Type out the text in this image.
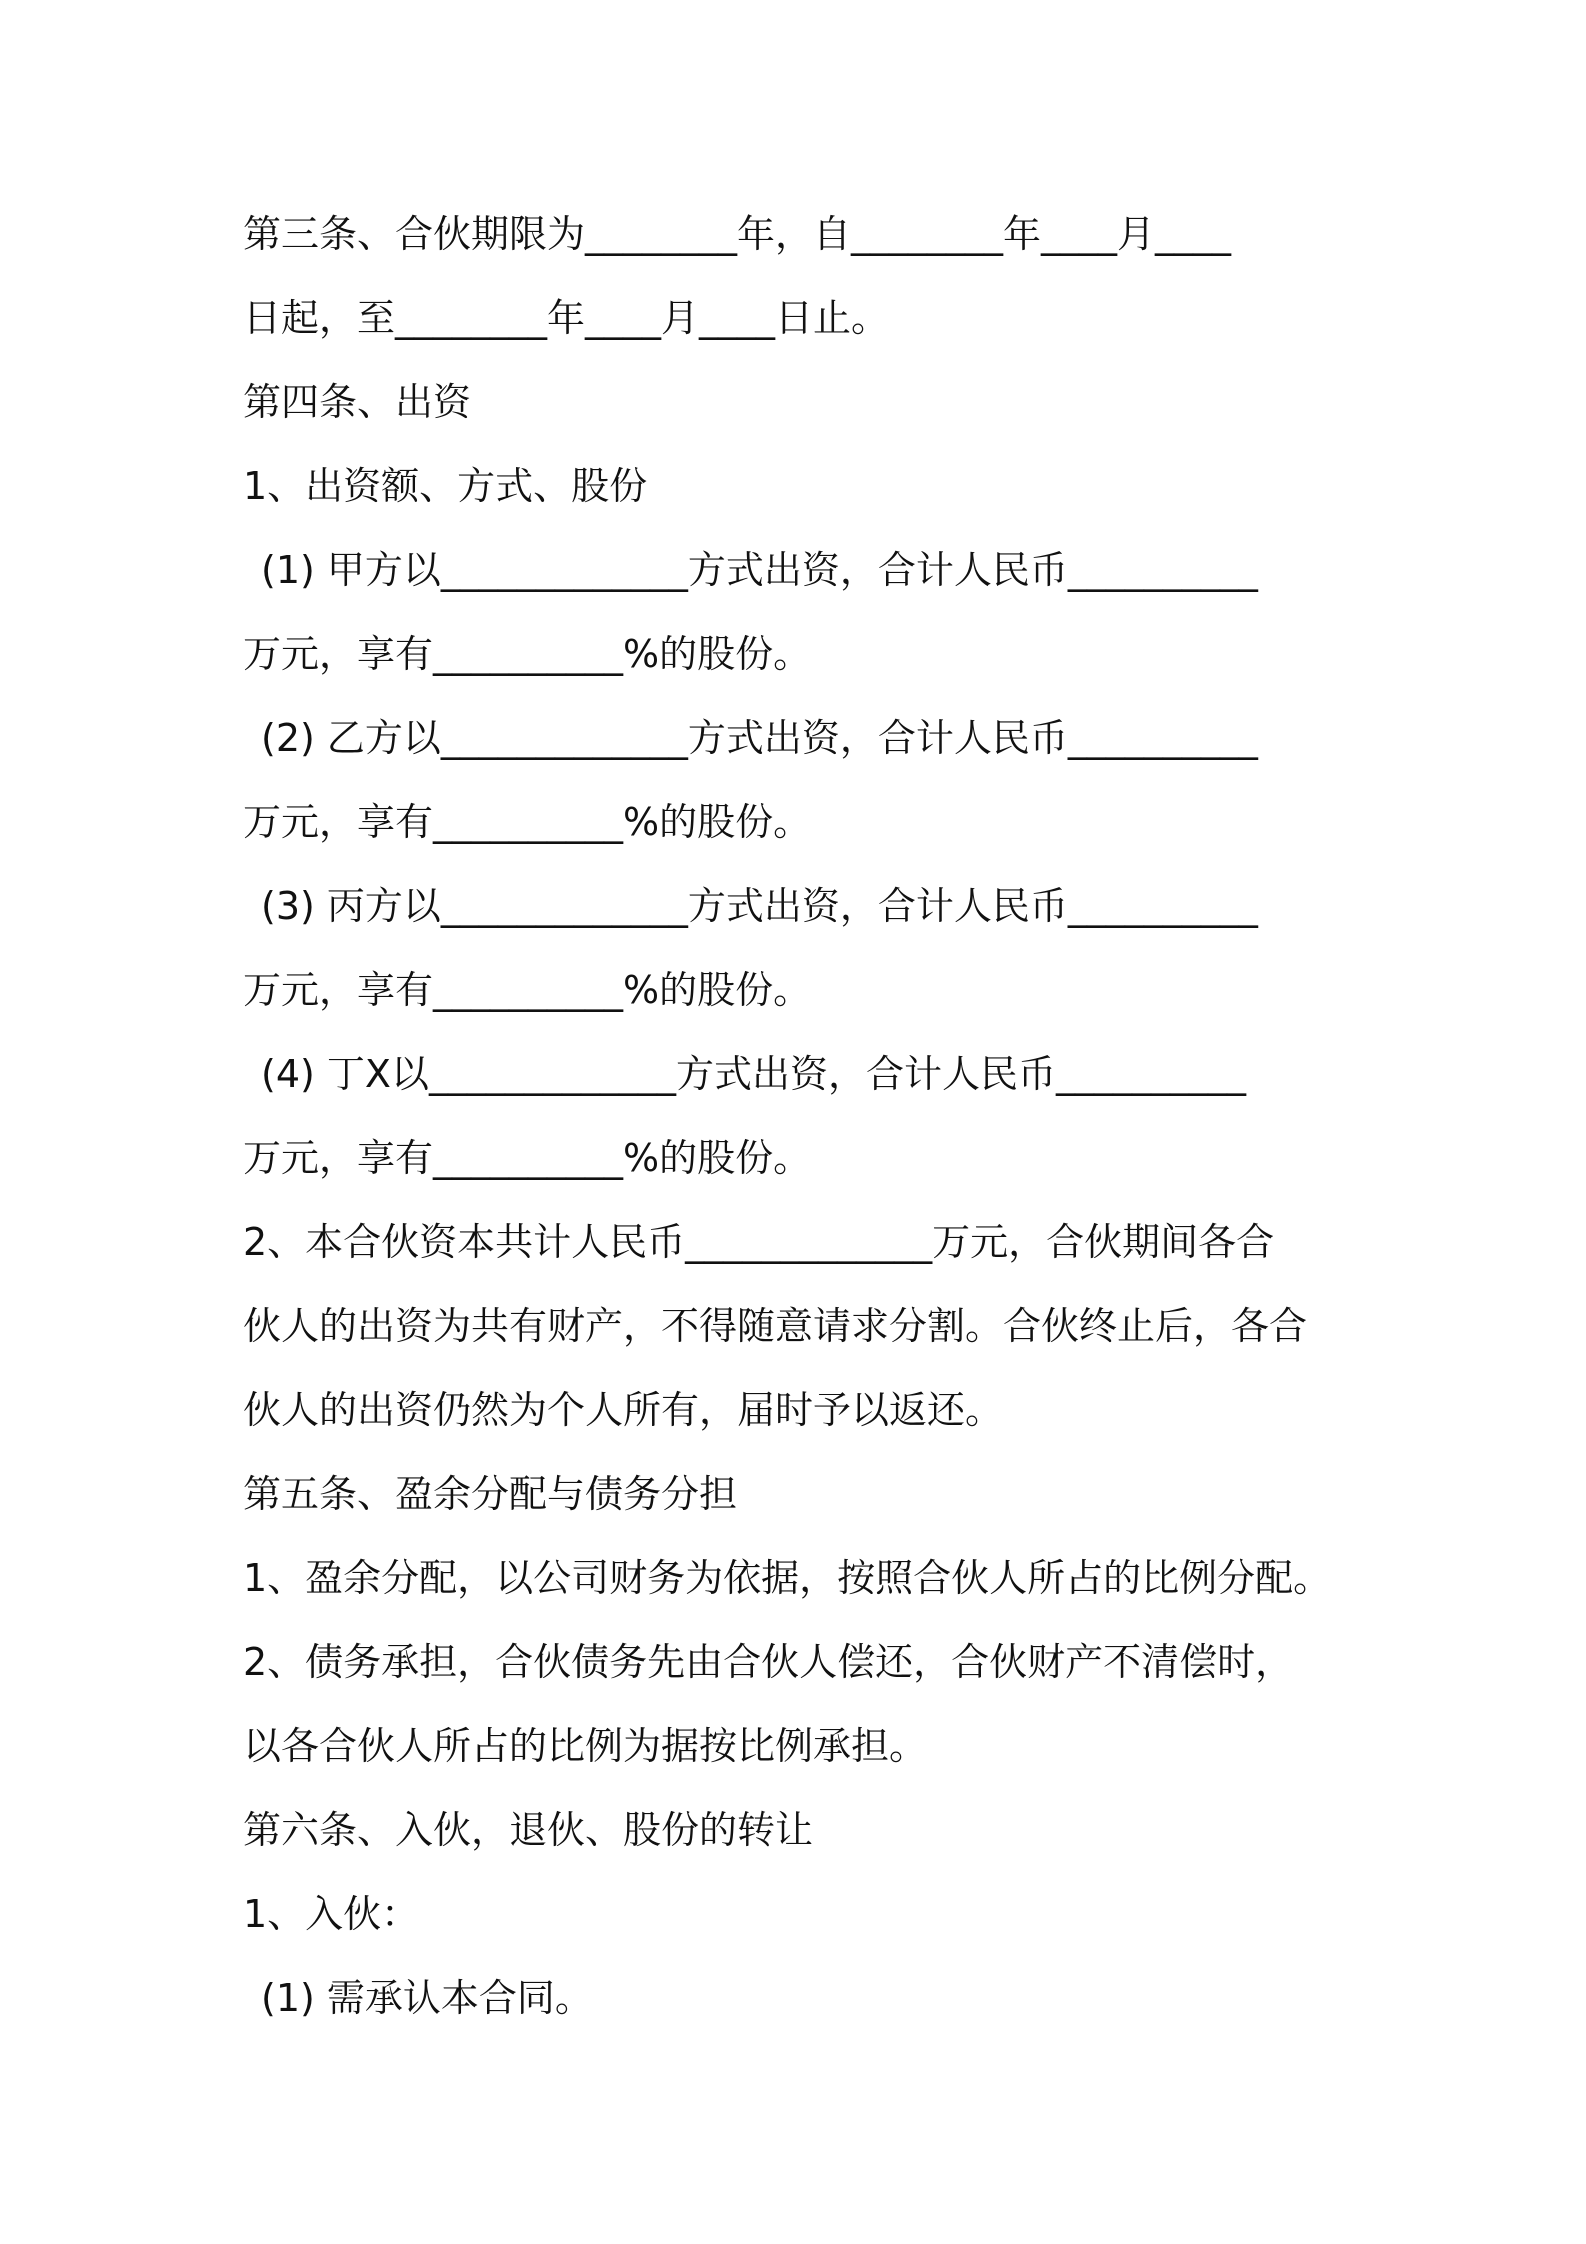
第三条、合伙期限为________年，自________年____月____

日起，至________年____月____日止。

第四条、出资

1、出资额、方式、股份

(1) 甲方以_____________方式出资，合计人民币__________

万元，享有__________%的股份。

(2) 乙方以_____________方式出资，合计人民币__________

万元，享有__________%的股份。

(3) 丙方以_____________方式出资，合计人民币__________

万元，享有__________%的股份。

(4) 丁X以_____________方式出资，合计人民币__________

万元，享有__________%的股份。

2、本合伙资本共计人民币_____________万元，合伙期间各合

伙人的出资为共有财产，不得随意请求分割。合伙终止后，各合

伙人的出资仍然为个人所有，届时予以返还。

第五条、盈余分配与债务分担

1、盈余分配，以公司财务为依据，按照合伙人所占的比例分配。

2、债务承担，合伙债务先由合伙人偿还，合伙财产不清偿时，

以各合伙人所占的比例为据按比例承担。

第六条、入伙，退伙、股份的转让

1、入伙：

(1) 需承认本合同。
